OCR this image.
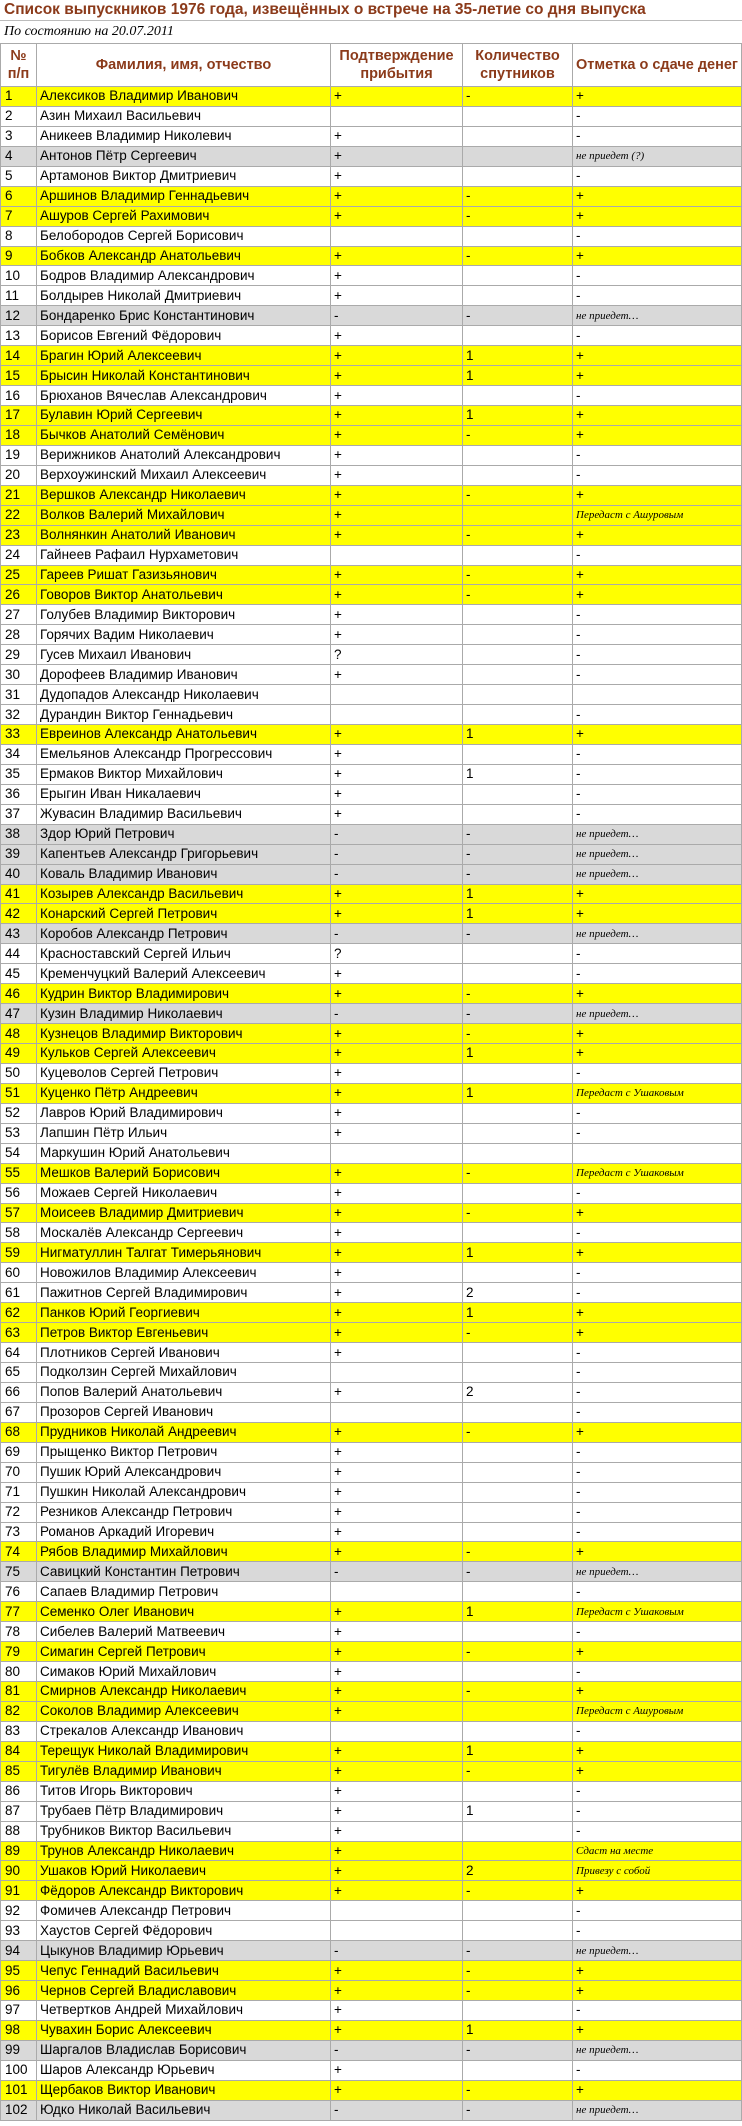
Список выпускников 1976 года, извещённых о встрече на 35-летие со дня выпуска
По состоянию на 20.07.2011
№ п/п	Фамилия, имя, отчество	Подтверждение прибытия	Количество спутников	Отметка о сдаче денег
1	Алексиков Владимир Иванович	+	-	+
2	Азин Михаил Васильевич			-
3	Аникеев Владимир Николевич	+		-
4	Антонов Пётр Сергеевич	+		не приедет (?)
5	Артамонов Виктор Дмитриевич	+		-
6	Аршинов Владимир Геннадьевич	+	-	+
7	Ашуров Сергей Рахимович	+	-	+
8	Белобородов Сергей Борисович			-
9	Бобков Александр Анатольевич	+	-	+
10	Бодров Владимир Александрович	+		-
11	Болдырев Николай Дмитриевич	+		-
12	Бондаренко Брис Константинович	-	-	не приедет…
13	Борисов Евгений Фёдорович	+		-
14	Брагин Юрий Алексеевич	+	1	+
15	Брысин Николай Константинович	+	1	+
16	Брюханов Вячеслав Александрович	+		-
17	Булавин Юрий Сергеевич	+	1	+
18	Бычков Анатолий Семёнович	+	-	+
19	Верижников Анатолий Александрович	+		-
20	Верхоужинский Михаил Алексеевич	+		-
21	Вершков Александр Николаевич	+	-	+
22	Волков Валерий Михайлович	+		Передаст с Ашуровым
23	Волнянкин Анатолий Иванович	+	-	+
24	Гайнеев Рафаил Нурхаметович			-
25	Гареев Ришат Газизьянович	+	-	+
26	Говоров Виктор Анатольевич	+	-	+
27	Голубев Владимир Викторович	+		-
28	Горячих Вадим Николаевич	+		-
29	Гусев Михаил Иванович	?		-
30	Дорофеев Владимир Иванович	+		-
31	Дудопадов Александр Николаевич			
32	Дурандин Виктор Геннадьевич			-
33	Евреинов Александр Анатольевич	+	1	+
34	Емельянов Александр Прогрессович	+		-
35	Ермаков Виктор Михайлович	+	1	-
36	Ерыгин Иван Никалаевич	+		-
37	Жувасин Владимир Васильевич	+		-
38	Здор Юрий Петрович	-	-	не приедет…
39	Капентьев Александр Григорьевич	-	-	не приедет…
40	Коваль Владимир Иванович	-	-	не приедет…
41	Козырев Александр Васильевич	+	1	+
42	Конарский Сергей Петрович	+	1	+
43	Коробов Александр Петрович	-	-	не приедет…
44	Красноставский Сергей Ильич	?		-
45	Кременчуцкий Валерий Алексеевич	+		-
46	Кудрин Виктор Владимирович	+	-	+
47	Кузин Владимир Николаевич	-	-	не приедет…
48	Кузнецов Владимир Викторович	+	-	+
49	Кульков Сергей Алексеевич	+	1	+
50	Куцеволов Сергей Петрович	+		-
51	Куценко Пётр Андреевич	+	1	Передаст с Ушаковым
52	Лавров Юрий Владимирович	+		-
53	Лапшин Пётр Ильич	+		-
54	Маркушин Юрий Анатольевич			
55	Мешков Валерий Борисович	+	-	Передаст с Ушаковым
56	Можаев Сергей Николаевич	+		-
57	Моисеев Владимир Дмитриевич	+	-	+
58	Москалёв Александр Сергеевич	+		-
59	Нигматуллин Талгат Тимерьянович	+	1	+
60	Новожилов Владимир Алексеевич	+		-
61	Пажитнов Сергей Владимирович	+	2	-
62	Панков Юрий Георгиевич	+	1	+
63	Петров Виктор Евгеньевич	+	-	+
64	Плотников Сергей Иванович	+		-
65	Подколзин Сергей Михайлович			-
66	Попов Валерий Анатольевич	+	2	-
67	Прозоров Сергей Иванович			-
68	Прудников Николай Андреевич	+	-	+
69	Прыщенко Виктор Петрович	+		-
70	Пушик Юрий Александрович	+		-
71	Пушкин Николай Александрович	+		-
72	Резников Александр Петрович	+		-
73	Романов Аркадий Игоревич	+		-
74	Рябов Владимир Михайлович	+	-	+
75	Савицкий Константин Петрович	-	-	не приедет…
76	Сапаев Владимир Петрович			-
77	Семенко Олег Иванович	+	1	Передаст с Ушаковым
78	Сибелев Валерий Матвеевич	+		-
79	Симагин Сергей Петрович	+	-	+
80	Симаков Юрий Михайлович	+		-
81	Смирнов Александр Николаевич	+	-	+
82	Соколов Владимир Алексеевич	+		Передаст с Ашуровым
83	Стрекалов Александр Иванович			-
84	Терещук Николай Владимирович	+	1	+
85	Тигулёв Владимир Иванович	+	-	+
86	Титов Игорь Викторович	+		-
87	Трубаев Пётр Владимирович	+	1	-
88	Трубников Виктор Васильевич	+		-
89	Трунов Александр Николаевич	+		Сдаст на месте
90	Ушаков Юрий Николаевич	+	2	Привезу с собой
91	Фёдоров Александр Викторович	+	-	+
92	Фомичев Александр Петрович			-
93	Хаустов Сергей Фёдорович			-
94	Цыкунов Владимир Юрьевич	-	-	не приедет…
95	Чепус Геннадий Васильевич	+	-	+
96	Чернов Сергей Владиславович	+	-	+
97	Четвертков Андрей Михайлович	+		-
98	Чувахин Борис Алексеевич	+	1	+
99	Шаргалов Владислав Борисович	-	-	не приедет…
100	Шаров Александр Юрьевич	+		-
101	Щербаков Виктор Иванович	+	-	+
102	Юдко Николай Васильевич	-	-	не приедет…
